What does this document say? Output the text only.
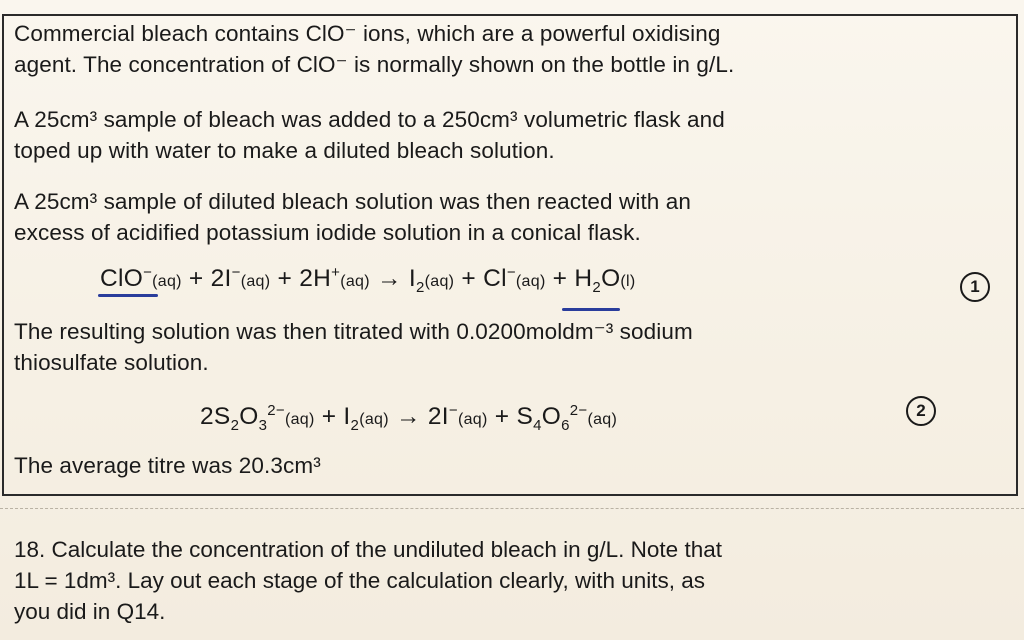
Commercial bleach contains ClO⁻ ions, which are a powerful oxidising
agent. The concentration of ClO⁻ is normally shown on the bottle in g/L.
A 25cm³ sample of bleach was added to a 250cm³ volumetric flask and
toped up with water to make a diluted bleach solution.
A 25cm³ sample of diluted bleach solution was then reacted with an
excess of acidified potassium iodide solution in a conical flask.
$ClO^-(aq) + 2I^-(aq) + 2H^+(aq) \to I_2(aq) + Cl^-(aq) + H_2O(l)$	1
The resulting solution was then titrated with 0.0200moldm⁻³ sodium
thiosulfate solution.
$2S_2O_3^{2-}(aq) + I_2(aq) \to 2I^-(aq) + S_4O_6^{2-}(aq)$	2
The average titre was 20.3cm³
18. Calculate the concentration of the undiluted bleach in g/L. Note that
1L = 1dm³. Lay out each stage of the calculation clearly, with units, as
you did in Q14.
